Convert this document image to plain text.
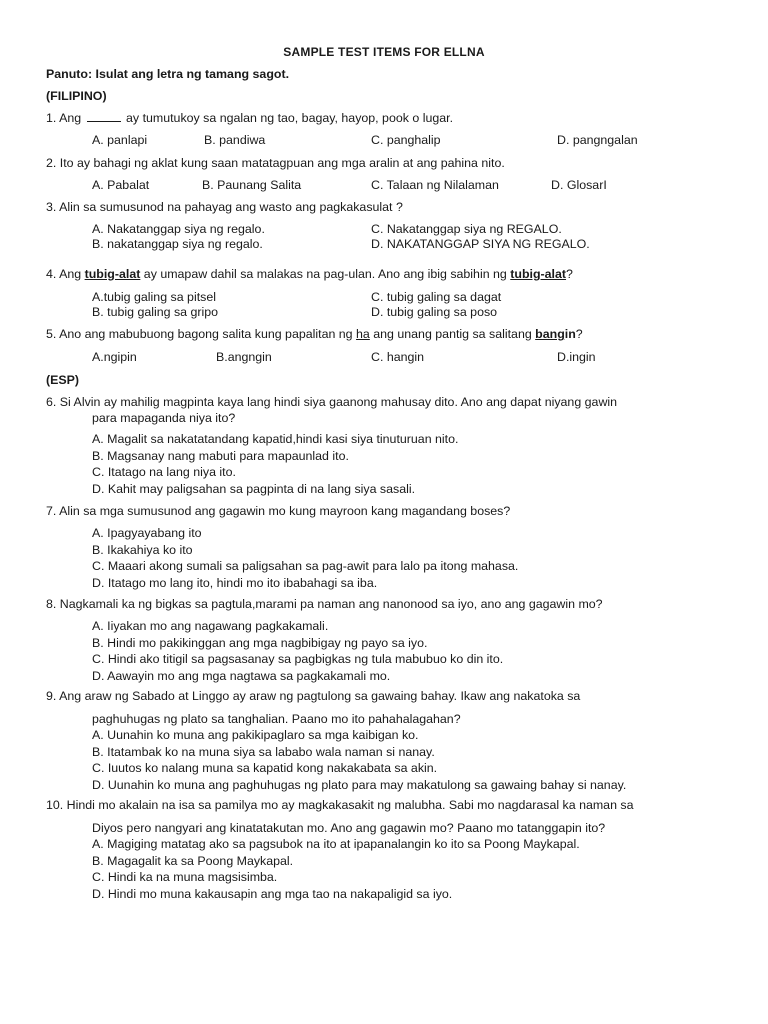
SAMPLE TEST ITEMS FOR ELLNA
Panuto: Isulat ang letra ng tamang sagot.
(FILIPINO)
1. Ang	ay tumutukoy sa ngalan ng tao, bagay, hayop, pook o lugar.
A. panlapi	B. pandiwa	C. panghalip	D. pangngalan
2. Ito ay bahagi ng aklat kung saan matatagpuan ang mga aralin at ang pahina nito.
A. Pabalat	B. Paunang Salita	C. Talaan ng Nilalaman	D. GlosarI
3. Alin sa sumusunod na pahayag ang wasto ang pagkakasulat ?
A. Nakatanggap siya ng regalo.	C. Nakatanggap siya ng REGALO.
B. nakatanggap siya ng regalo.	D. NAKATANGGAP SIYA NG REGALO.
4. Ang tubig-alat ay umapaw dahil sa malakas na pag-ulan. Ano ang ibig sabihin ng tubig-alat?
A.tubig galing sa pitsel	C. tubig galing sa dagat
B. tubig galing sa gripo	D. tubig galing sa poso
5. Ano ang mabubuong bagong salita kung papalitan ng ha ang unang pantig sa salitang bangin?
A.ngipin	B.angngin	C. hangin	D.ingin
(ESP)
6. Si Alvin ay mahilig magpinta kaya lang hindi siya gaanong mahusay dito. Ano ang dapat niyang gawin
para mapaganda niya ito?
A. Magalit sa nakatatandang kapatid,hindi kasi siya tinuturuan nito.
B. Magsanay nang mabuti para mapaunlad ito.
C. Itatago na lang niya ito.
D. Kahit may paligsahan sa pagpinta di na lang siya sasali.
7. Alin sa mga sumusunod ang gagawin mo kung mayroon kang magandang boses?
A. Ipagyayabang ito
B. Ikakahiya ko ito
C. Maaari akong sumali sa paligsahan sa pag-awit para lalo pa itong mahasa.
D. Itatago mo lang ito, hindi mo ito ibabahagi sa iba.
8. Nagkamali ka ng bigkas sa pagtula,marami pa naman ang nanonood sa iyo, ano ang gagawin mo?
A. Iiyakan mo ang nagawang pagkakamali.
B. Hindi mo pakikinggan ang mga nagbibigay ng payo sa iyo.
C. Hindi ako titigil sa pagsasanay sa pagbigkas ng tula mabubuo ko din ito.
D. Aawayin mo ang mga nagtawa sa pagkakamali mo.
9. Ang araw ng Sabado at Linggo ay araw ng pagtulong sa gawaing bahay. Ikaw ang nakatoka sa
paghuhugas ng plato sa tanghalian. Paano mo ito pahahalagahan?
A. Uunahin ko muna ang pakikipaglaro sa mga kaibigan ko.
B. Itatambak ko na muna siya sa lababo wala naman si nanay.
C. Iuutos ko nalang muna sa kapatid kong nakakabata sa akin.
D. Uunahin ko muna ang paghuhugas ng plato para may makatulong sa gawaing bahay si nanay.
10. Hindi mo akalain na isa sa pamilya mo ay magkakasakit ng malubha. Sabi mo nagdarasal ka naman sa
Diyos pero nangyari ang kinatatakutan mo. Ano ang gagawin mo? Paano mo tatanggapin ito?
A. Magiging matatag ako sa pagsubok na ito at ipapanalangin ko ito sa Poong Maykapal.
B. Magagalit ka sa Poong Maykapal.
C. Hindi ka na muna magsisimba.
D. Hindi mo muna kakausapin ang mga tao na nakapaligid sa iyo.
